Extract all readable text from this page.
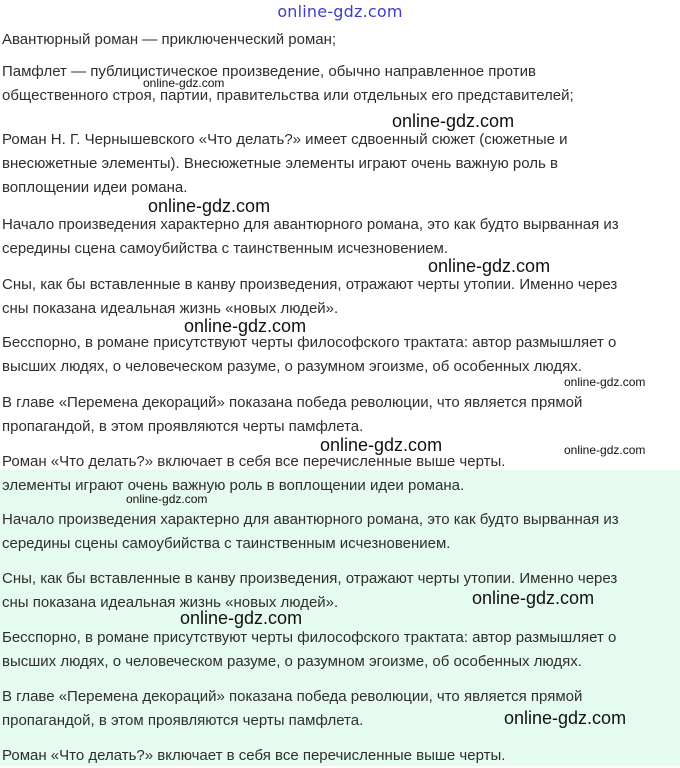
online-gdz.com
Авантюрный роман — приключенческий роман;
Памфлет — публицистическое произведение, обычно направленное против
общественного строя, партии, правительства или отдельных его представителей;
Роман Н. Г. Чернышевского «Что делать?» имеет сдвоенный сюжет (сюжетные и
внесюжетные элементы). Внесюжетные элементы играют очень важную роль в
воплощении идеи романа.
Начало произведения характерно для авантюрного романа, это как будто вырванная из
середины сцена самоубийства с таинственным исчезновением.
Сны, как бы вставленные в канву произведения, отражают черты утопии. Именно через
сны показана идеальная жизнь «новых людей».
Бесспорно, в романе присутствуют черты философского трактата: автор размышляет о
высших людях, о человеческом разуме, о разумном эгоизме, об особенных людях.
В главе «Перемена декораций» показана победа революции, что является прямой
пропагандой, в этом проявляются черты памфлета.
Роман «Что делать?» включает в себя все перечисленные выше черты.
элементы играют очень важную роль в воплощении идеи романа.
Начало произведения характерно для авантюрного романа, это как будто вырванная из
середины сцены самоубийства с таинственным исчезновением.
Сны, как бы вставленные в канву произведения, отражают черты утопии. Именно через
сны показана идеальная жизнь «новых людей».
Бесспорно, в романе присутствуют черты философского трактата: автор размышляет о
высших людях, о человеческом разуме, о разумном эгоизме, об особенных людях.
В главе «Перемена декораций» показана победа революции, что является прямой
пропагандой, в этом проявляются черты памфлета.
Роман «Что делать?» включает в себя все перечисленные выше черты.
online-gdz.com
online-gdz.com
online-gdz.com
online-gdz.com
online-gdz.com
online-gdz.com
online-gdz.com	online-gdz.com
online-gdz.com
online-gdz.com
online-gdz.com
online-gdz.com
